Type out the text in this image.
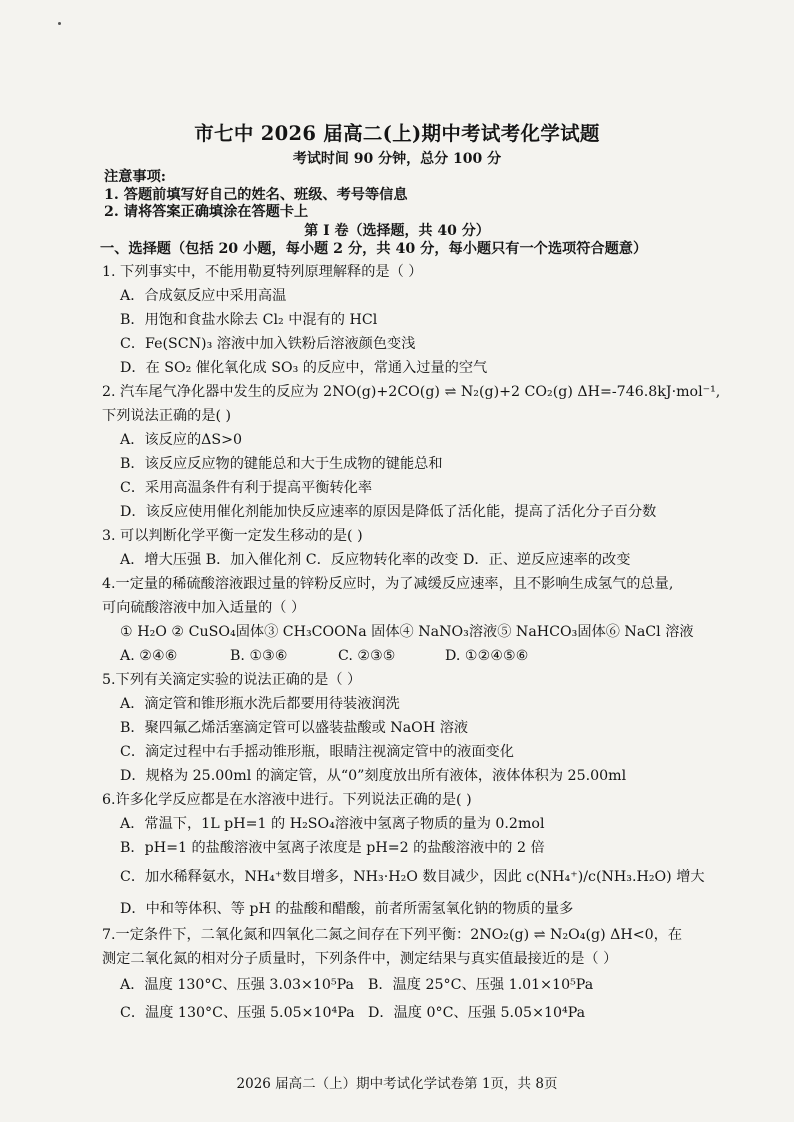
市七中 2026 届高二(上)期中考试考化学试题
考试时间 90 分钟，总分 100 分
注意事项:
1. 答题前填写好自己的姓名、班级、考号等信息
2. 请将答案正确填涂在答题卡上
第 I 卷（选择题，共 40 分）
一、选择题（包括 20 小题，每小题 2 分，共 40 分，每小题只有一个选项符合题意）
1. 下列事实中，不能用勒夏特列原理解释的是（ ）
A．合成氨反应中采用高温
B．用饱和食盐水除去 Cl₂ 中混有的 HCl
C．Fe(SCN)₃ 溶液中加入铁粉后溶液颜色变浅
D．在 SO₂ 催化氧化成 SO₃ 的反应中，常通入过量的空气
2. 汽车尾气净化器中发生的反应为 2NO(g)+2CO(g) ⇌ N₂(g)+2 CO₂(g) ΔH=-746.8kJ·mol⁻¹,
下列说法正确的是( )
A．该反应的ΔS>0
B．该反应反应物的键能总和大于生成物的键能总和
C．采用高温条件有利于提高平衡转化率
D．该反应使用催化剂能加快反应速率的原因是降低了活化能，提高了活化分子百分数
3. 可以判断化学平衡一定发生移动的是( )
A．增大压强 B．加入催化剂 C．反应物转化率的改变 D．正、逆反应速率的改变
4.一定量的稀硫酸溶液跟过量的锌粉反应时，为了减缓反应速率，且不影响生成氢气的总量,
可向硫酸溶液中加入适量的（ ）
① H₂O ② CuSO₄固体③ CH₃COONa 固体④ NaNO₃溶液⑤ NaHCO₃固体⑥ NaCl 溶液
A. ②④⑥	B. ①③⑥	C. ②③⑤	D. ①②④⑤⑥
5.下列有关滴定实验的说法正确的是（ ）
A．滴定管和锥形瓶水洗后都要用待装液润洗
B．聚四氟乙烯活塞滴定管可以盛装盐酸或 NaOH 溶液
C．滴定过程中右手摇动锥形瓶，眼睛注视滴定管中的液面变化
D．规格为 25.00ml 的滴定管，从“0”刻度放出所有液体，液体体积为 25.00ml
6.许多化学反应都是在水溶液中进行。下列说法正确的是( )
A．常温下，1L pH=1 的 H₂SO₄溶液中氢离子物质的量为 0.2mol
B．pH=1 的盐酸溶液中氢离子浓度是 pH=2 的盐酸溶液中的 2 倍
C．加水稀释氨水，NH₄⁺数目增多，NH₃·H₂O 数目减少，因此 c(NH₄⁺)/c(NH₃.H₂O) 增大
D．中和等体积、等 pH 的盐酸和醋酸，前者所需氢氧化钠的物质的量多
7.一定条件下，二氧化氮和四氧化二氮之间存在下列平衡：2NO₂(g) ⇌ N₂O₄(g) ΔH<0，在
测定二氧化氮的相对分子质量时，下列条件中，测定结果与真实值最接近的是（ ）
A．温度 130°C、压强 3.03×10⁵Pa B．温度 25°C、压强 1.01×10⁵Pa
C．温度 130°C、压强 5.05×10⁴Pa D．温度 0°C、压强 5.05×10⁴Pa
2026 届高二（上）期中考试化学试卷第 1页，共 8页
